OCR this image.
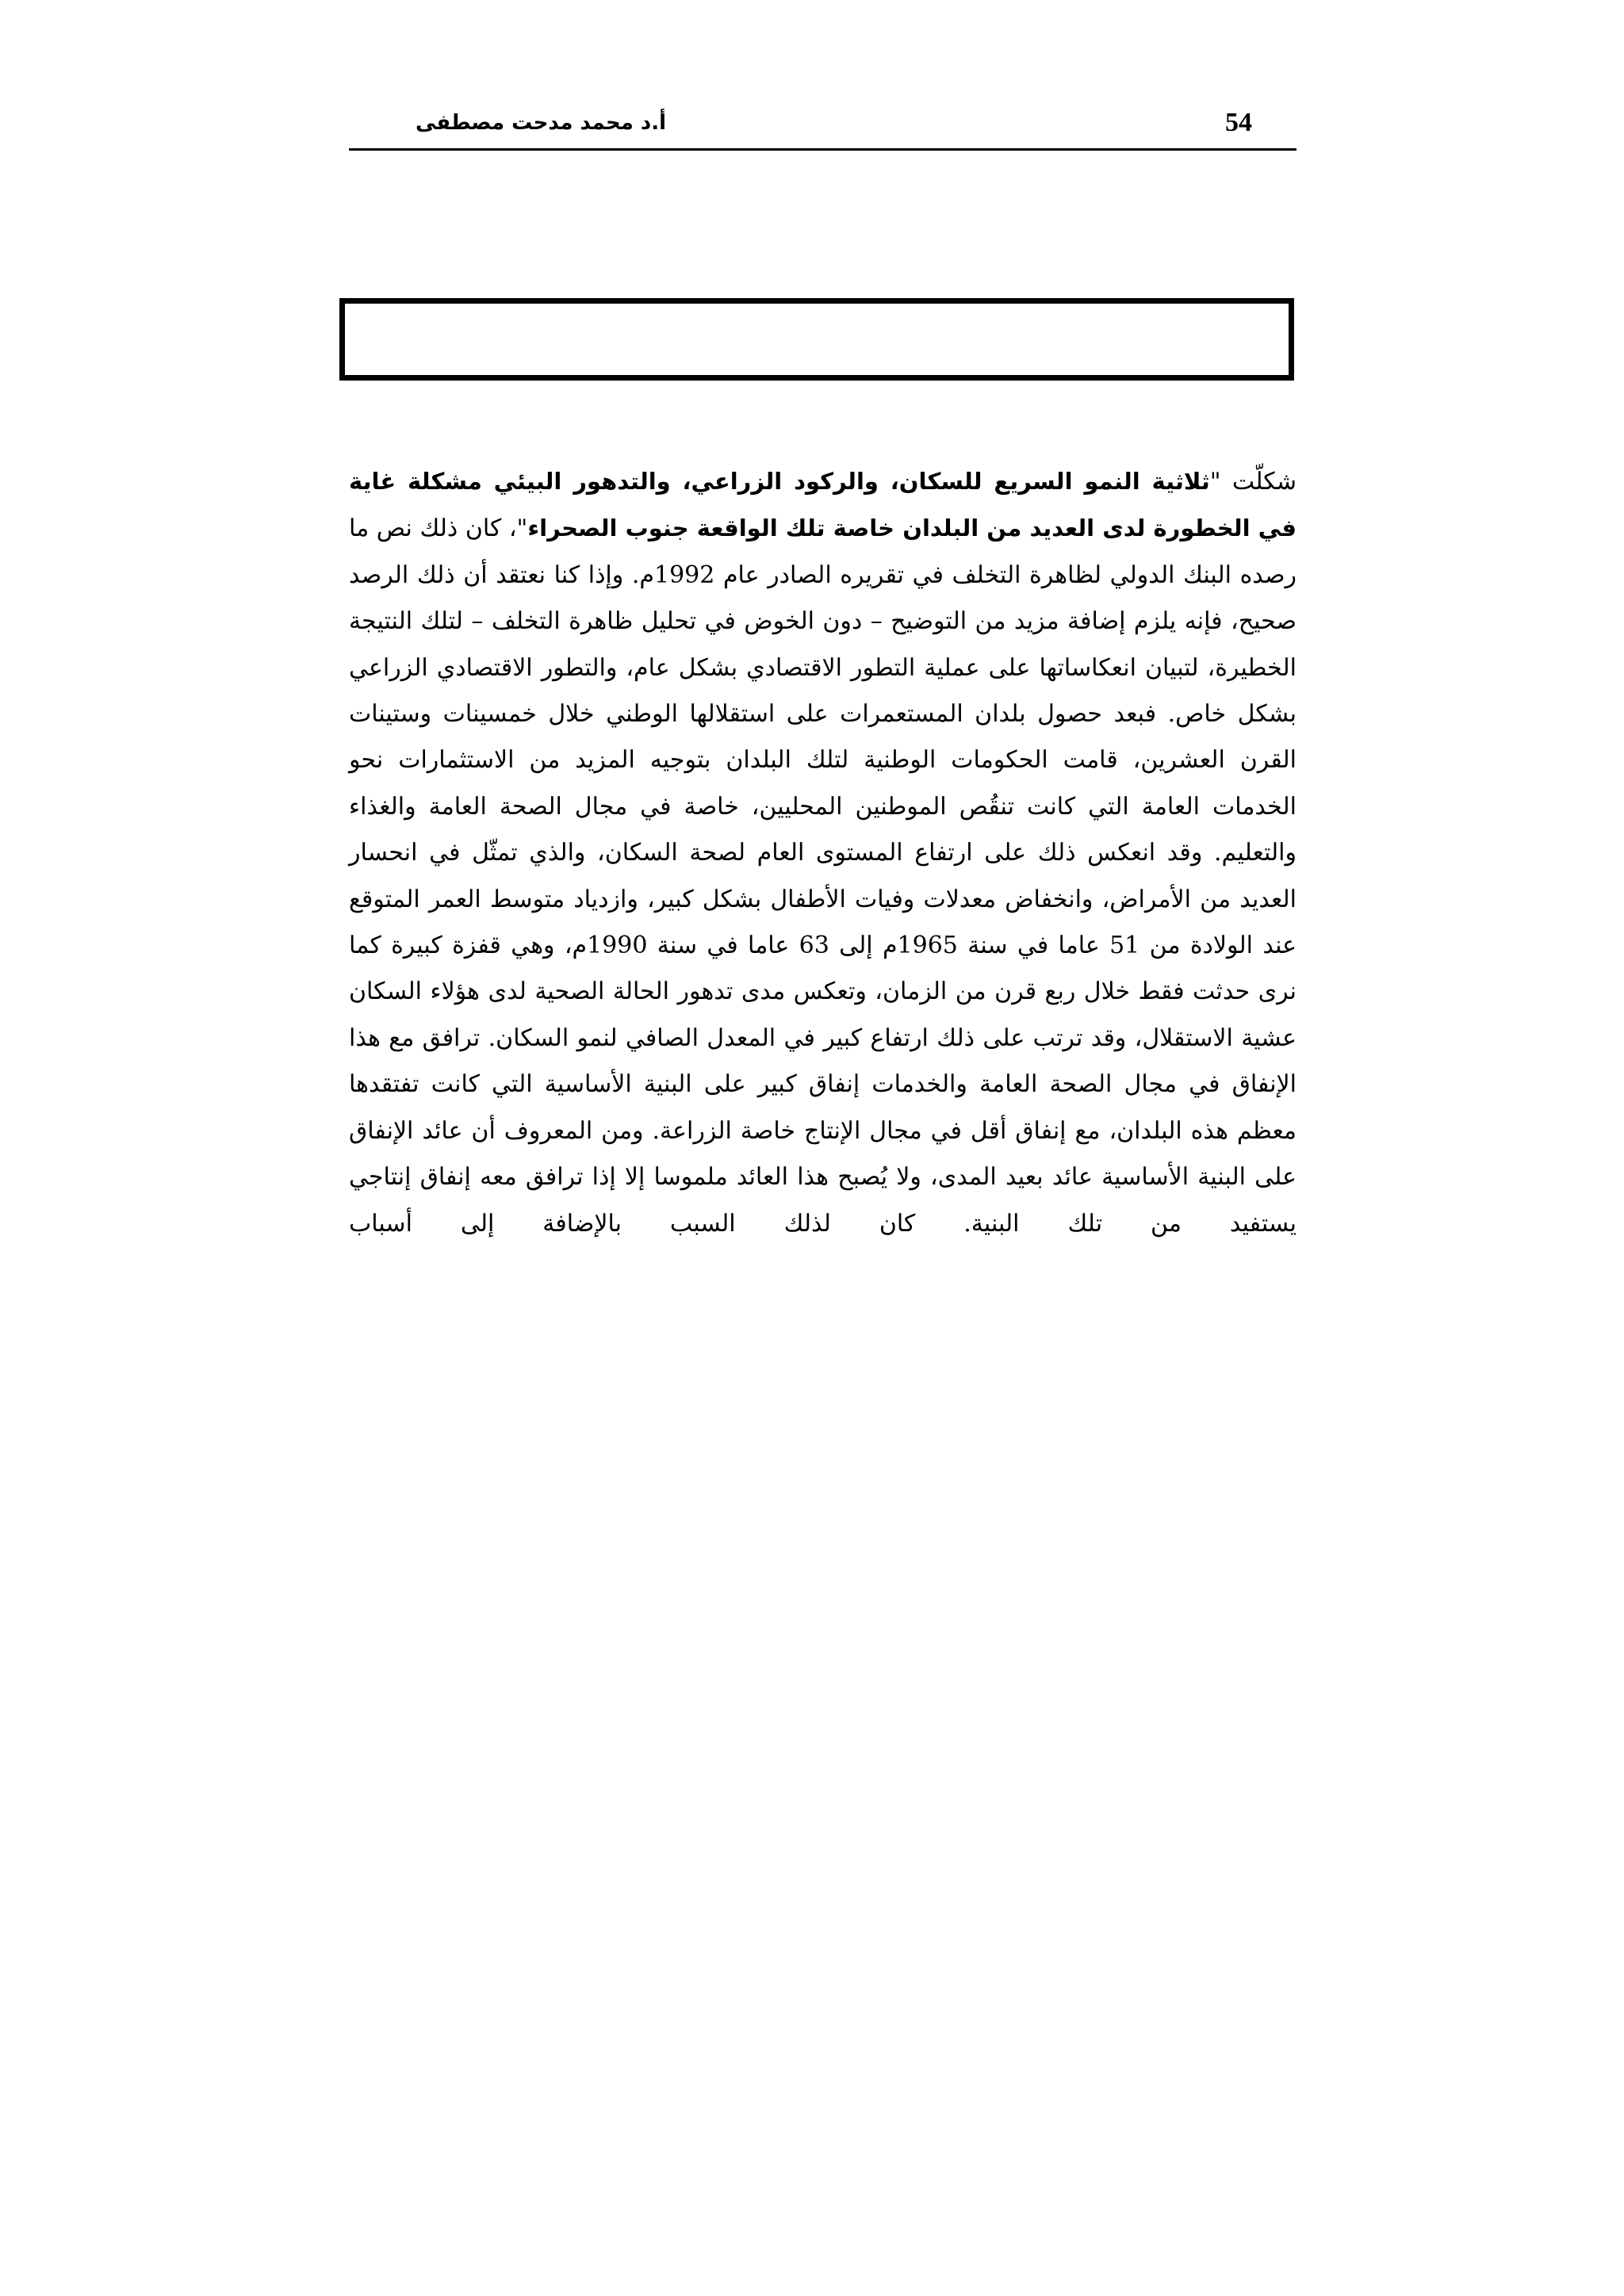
54
أ.د محمد مدحت مصطفى
شكلّت "ثلاثية النمو السريع للسكان، والركود الزراعي، والتدهور البيئي مشكلة غاية في الخطورة لدى العديد من البلدان خاصة تلك الواقعة جنوب الصحراء"، كان ذلك نص ما رصده البنك الدولي لظاهرة التخلف في تقريره الصادر عام 1992م. وإذا كنا نعتقد أن ذلك الرصد صحيح، فإنه يلزم إضافة مزيد من التوضيح – دون الخوض في تحليل ظاهرة التخلف – لتلك النتيجة الخطيرة، لتبيان انعكاساتها على عملية التطور الاقتصادي بشكل عام، والتطور الاقتصادي الزراعي بشكل خاص. فبعد حصول بلدان المستعمرات على استقلالها الوطني خلال خمسينات وستينات القرن العشرين، قامت الحكومات الوطنية لتلك البلدان بتوجيه المزيد من الاستثمارات نحو الخدمات العامة التي كانت تنقُص الموطنين المحليين، خاصة في مجال الصحة العامة والغذاء والتعليم. وقد انعكس ذلك على ارتفاع المستوى العام لصحة السكان، والذي تمثّل في انحسار العديد من الأمراض، وانخفاض معدلات وفيات الأطفال بشكل كبير، وازدياد متوسط العمر المتوقع عند الولادة من 51 عاما في سنة 1965م إلى 63 عاما في سنة 1990م، وهي قفزة كبيرة كما نرى حدثت فقط خلال ربع قرن من الزمان، وتعكس مدى تدهور الحالة الصحية لدى هؤلاء السكان عشية الاستقلال، وقد ترتب على ذلك ارتفاع كبير في المعدل الصافي لنمو السكان. ترافق مع هذا الإنفاق في مجال الصحة العامة والخدمات إنفاق كبير على البنية الأساسية التي كانت تفتقدها معظم هذه البلدان، مع إنفاق أقل في مجال الإنتاج خاصة الزراعة. ومن المعروف أن عائد الإنفاق على البنية الأساسية عائد بعيد المدى، ولا يُصبح هذا العائد ملموسا إلا إذا ترافق معه إنفاق إنتاجي يستفيد من تلك البنية. كان لذلك السبب بالإضافة إلى أسباب
